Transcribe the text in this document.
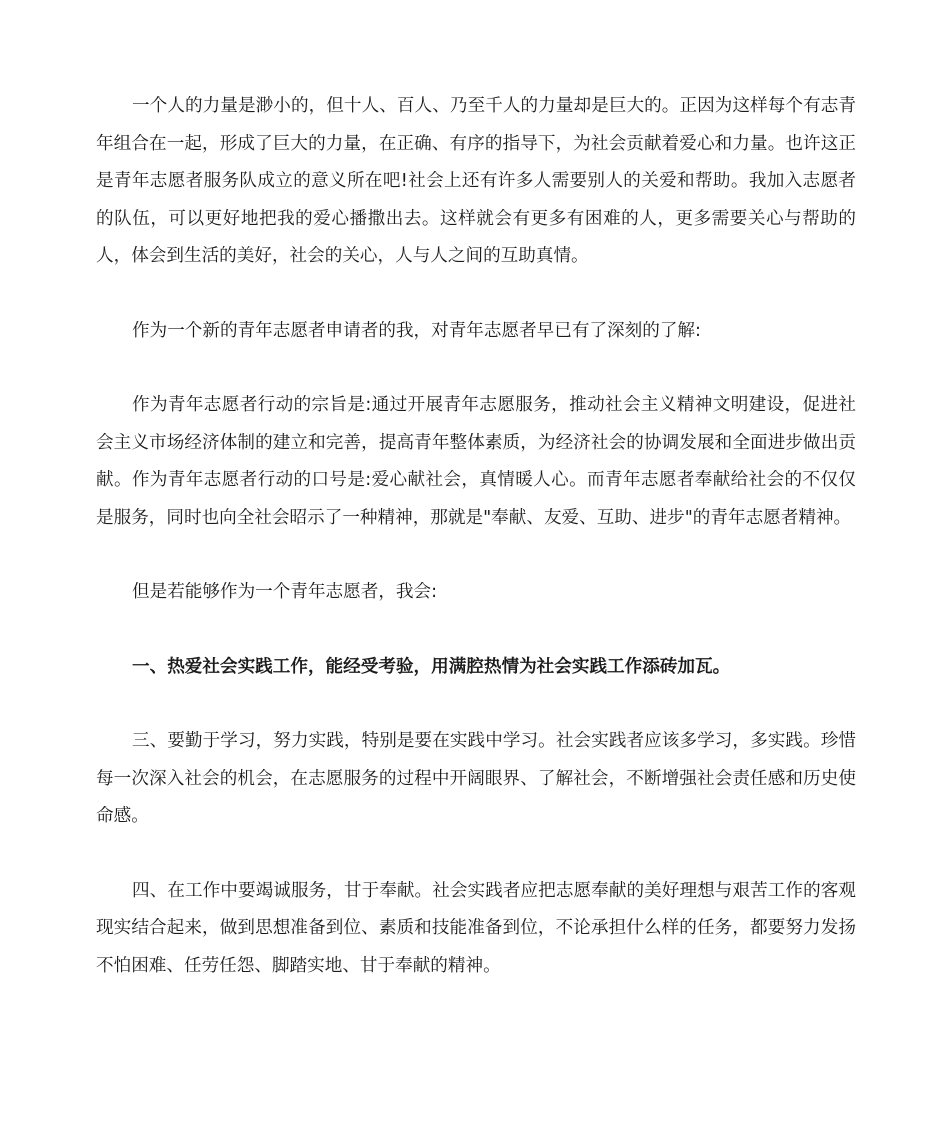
一个人的力量是渺小的，但十人、百人、乃至千人的力量却是巨大的。正因为这样每个有志青年组合在一起，形成了巨大的力量，在正确、有序的指导下，为社会贡献着爱心和力量。也许这正是青年志愿者服务队成立的意义所在吧!社会上还有许多人需要别人的关爱和帮助。我加入志愿者的队伍，可以更好地把我的爱心播撒出去。这样就会有更多有困难的人，更多需要关心与帮助的人，体会到生活的美好，社会的关心，人与人之间的互助真情。

作为一个新的青年志愿者申请者的我，对青年志愿者早已有了深刻的了解:

作为青年志愿者行动的宗旨是:通过开展青年志愿服务，推动社会主义精神文明建设，促进社会主义市场经济体制的建立和完善，提高青年整体素质，为经济社会的协调发展和全面进步做出贡献。作为青年志愿者行动的口号是:爱心献社会，真情暖人心。而青年志愿者奉献给社会的不仅仅是服务，同时也向全社会昭示了一种精神，那就是"奉献、友爱、互助、进步"的青年志愿者精神。

但是若能够作为一个青年志愿者，我会:

一、热爱社会实践工作，能经受考验，用满腔热情为社会实践工作添砖加瓦。

三、要勤于学习，努力实践，特别是要在实践中学习。社会实践者应该多学习，多实践。珍惜每一次深入社会的机会，在志愿服务的过程中开阔眼界、了解社会，不断增强社会责任感和历史使命感。

四、在工作中要竭诚服务，甘于奉献。社会实践者应把志愿奉献的美好理想与艰苦工作的客观现实结合起来，做到思想准备到位、素质和技能准备到位，不论承担什么样的任务，都要努力发扬不怕困难、任劳任怨、脚踏实地、甘于奉献的精神。
